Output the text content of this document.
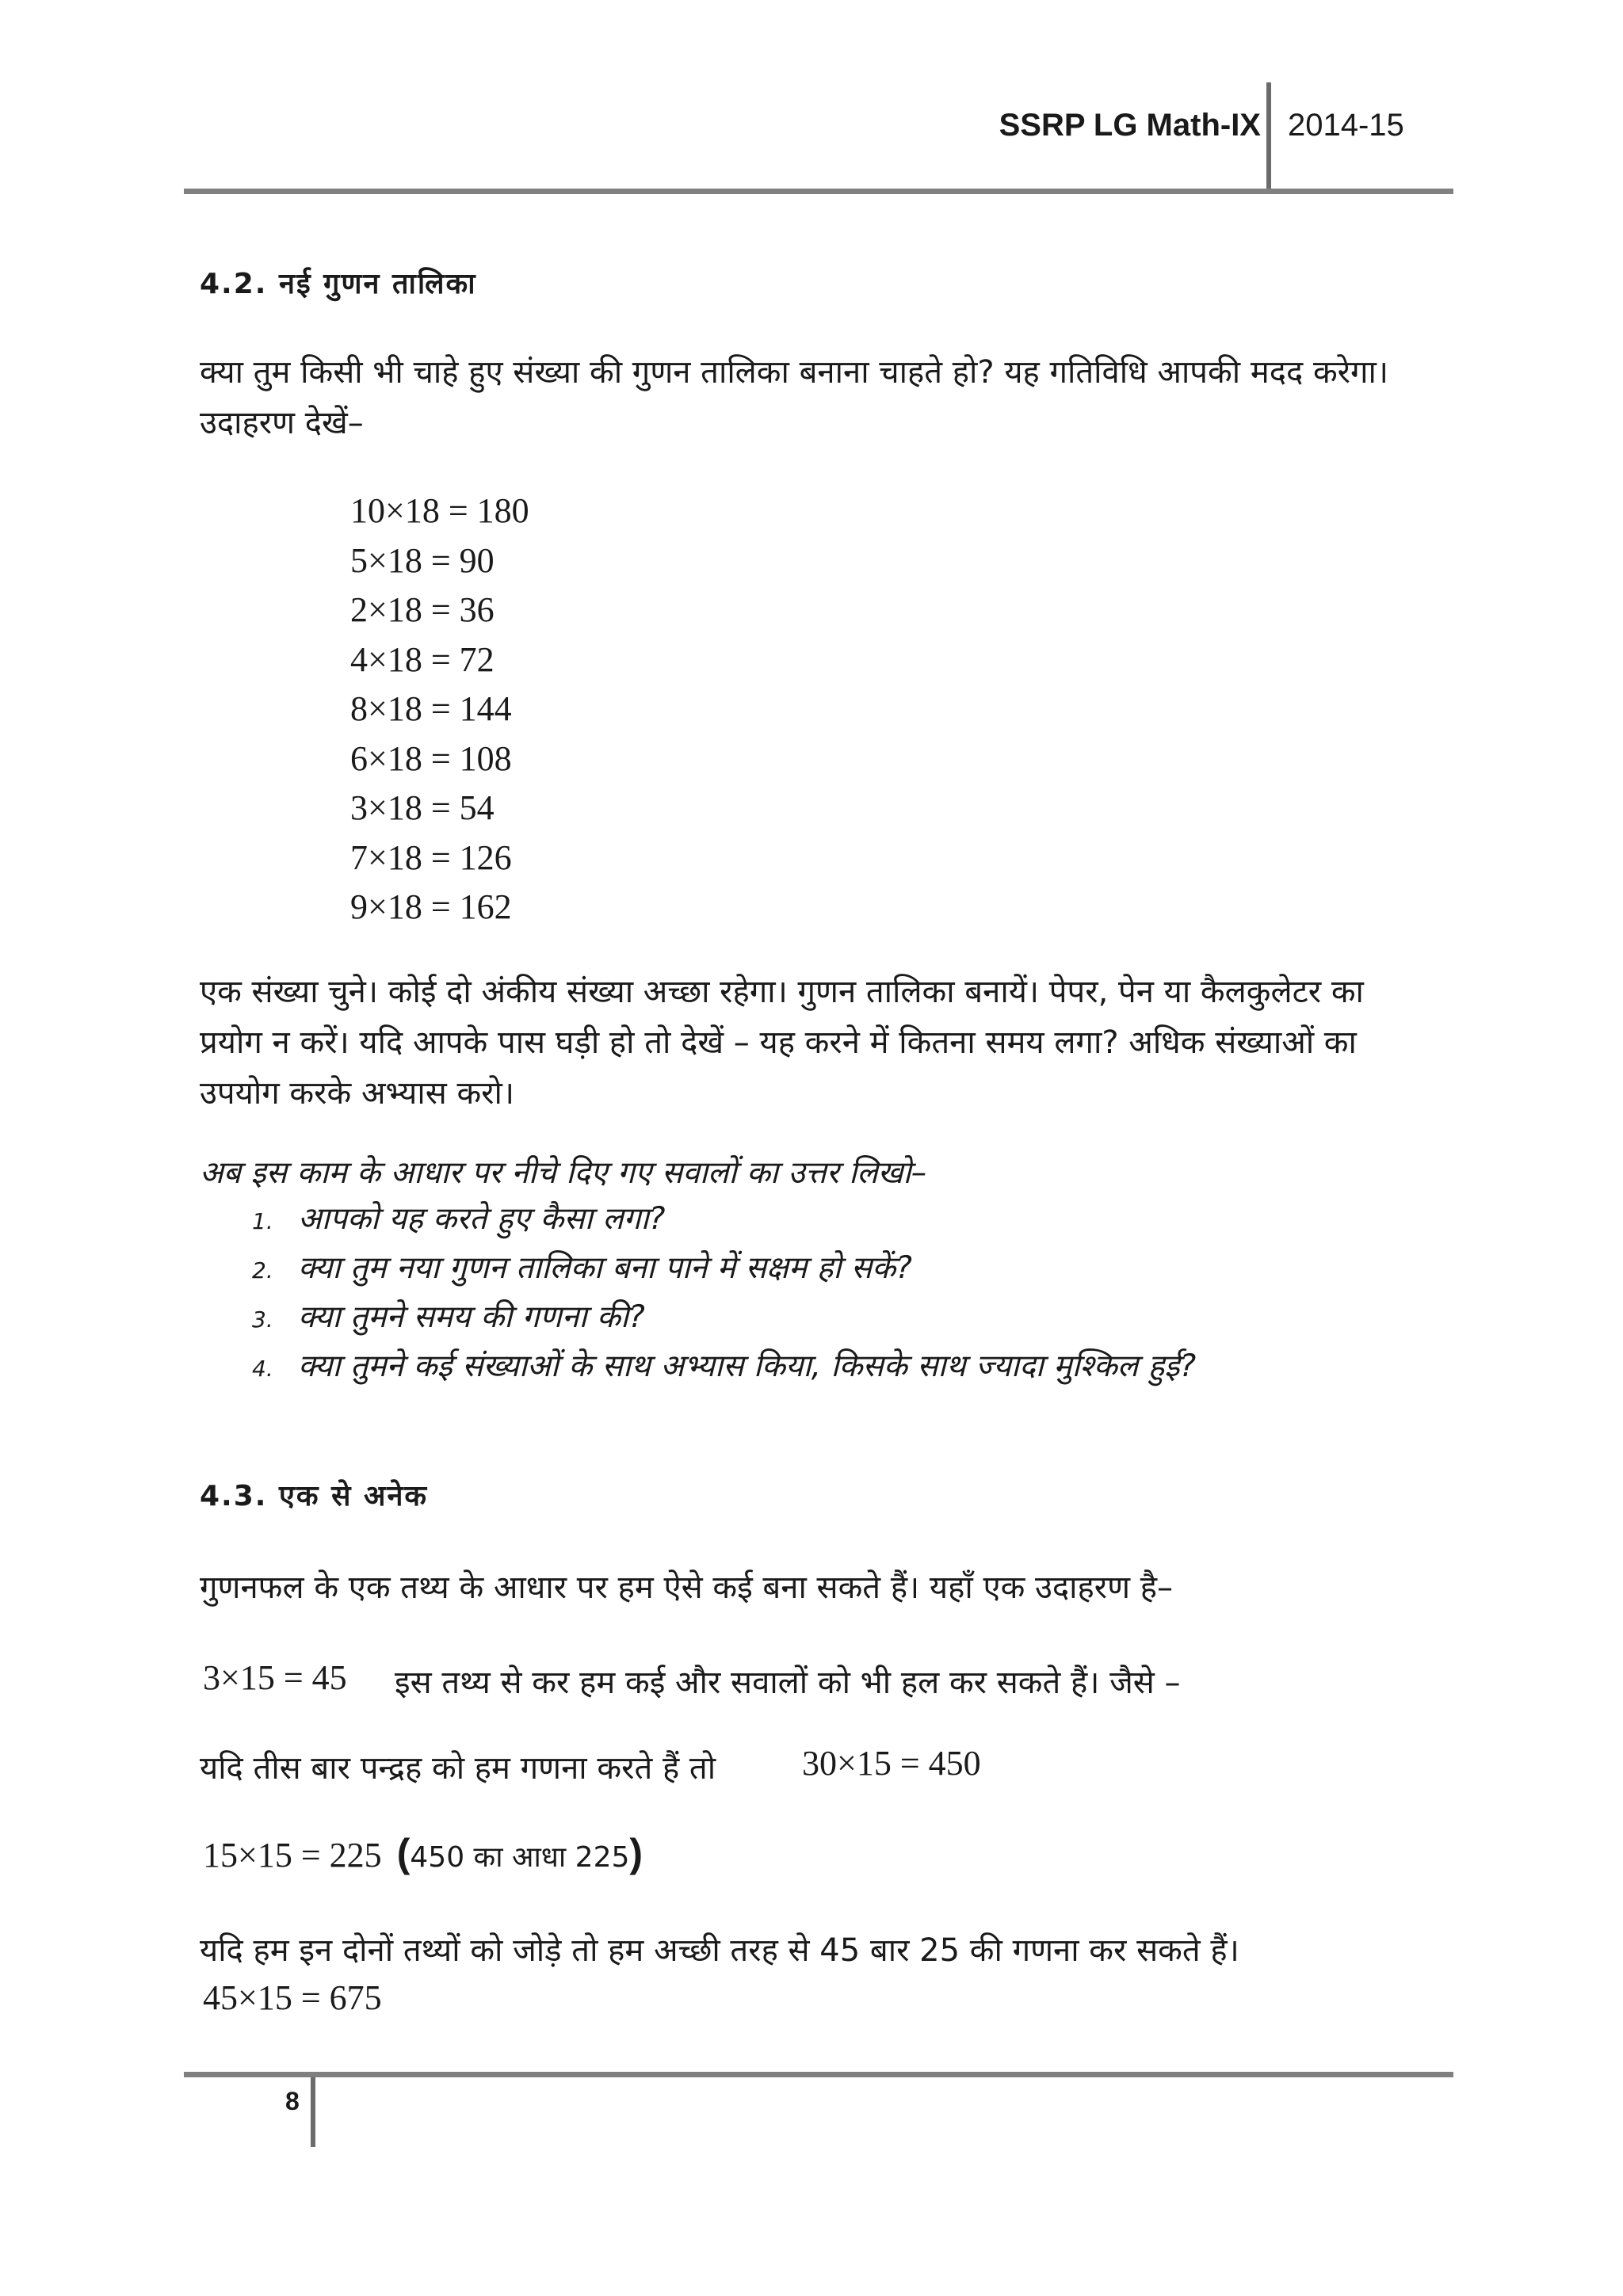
SSRP LG Math-IX 2014-15
4.2. नई गुणन तालिका

क्या तुम किसी भी चाहे हुए संख्या की गुणन तालिका बनाना चाहते हो? यह गतिविधि आपकी मदद करेगा। उदाहरण देखें–

10×18 = 180
5×18 = 90
2×18 = 36
4×18 = 72
8×18 = 144
6×18 = 108
3×18 = 54
7×18 = 126
9×18 = 162

एक संख्या चुने। कोई दो अंकीय संख्या अच्छा रहेगा। गुणन तालिका बनायें। पेपर, पेन या कैलकुलेटर का प्रयोग न करें। यदि आपके पास घड़ी हो तो देखें – यह करने में कितना समय लगा? अधिक संख्याओं का उपयोग करके अभ्यास करो।

अब इस काम के आधार पर नीचे दिए गए सवालों का उत्तर लिखो–
1. आपको यह करते हुए कैसा लगा?
2. क्या तुम नया गुणन तालिका बना पाने में सक्षम हो सकें?
3. क्या तुमने समय की गणना की?
4. क्या तुमने कई संख्याओं के साथ अभ्यास किया, किसके साथ ज्यादा मुश्किल हुई?
4.3. एक से अनेक
गुणनफल के एक तथ्य के आधार पर हम ऐसे कई बना सकते हैं। यहाँ एक उदाहरण है–
3×15 = 45 इस तथ्य से कर हम कई और सवालों को भी हल कर सकते हैं। जैसे –
यदि तीस बार पन्द्रह को हम गणना करते हैं तो 30×15 = 450
15×15 = 225 (450 का आधा 225)
यदि हम इन दोनों तथ्यों को जोड़े तो हम अच्छी तरह से 45 बार 25 की गणना कर सकते हैं।
45×15 = 675
8
